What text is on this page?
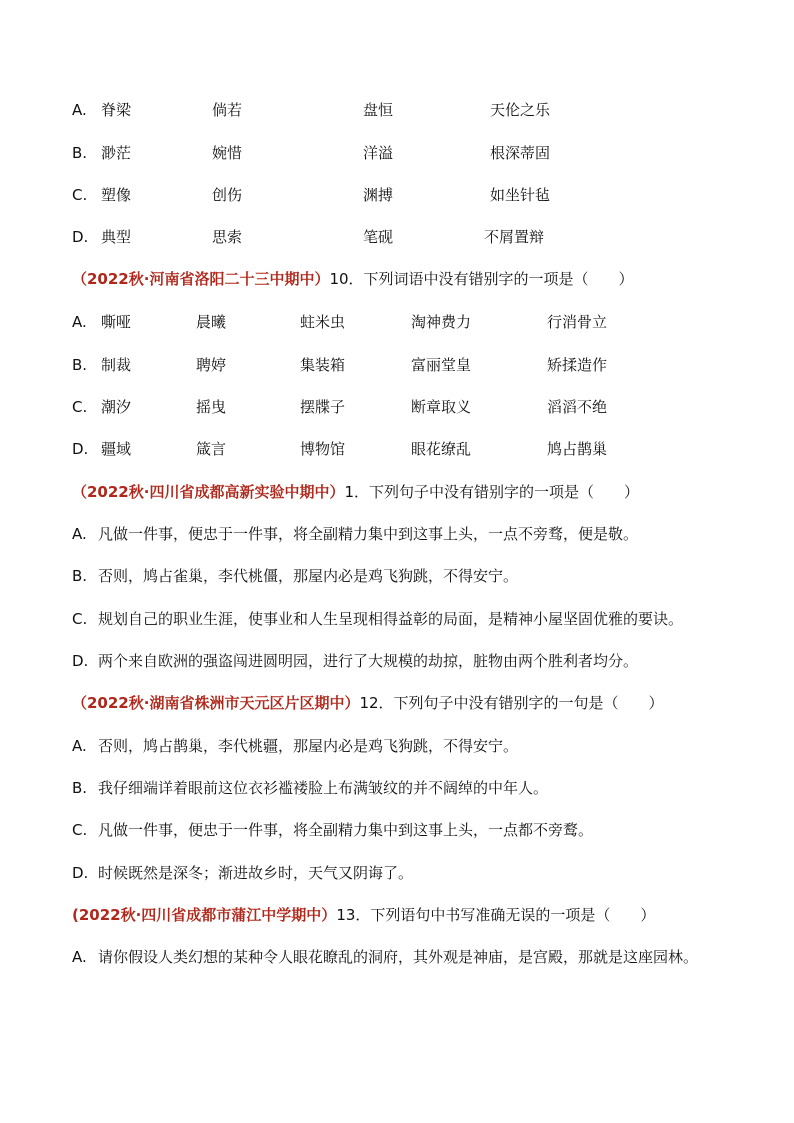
A. 脊梁	倘若	盘恒	天伦之乐
B. 渺茫	婉惜	洋溢	根深蒂固
C. 塑像	创伤	渊搏	如坐针毡
D. 典型	思索	笔砚	不屑置辩
（2022秋·河南省洛阳二十三中期中）10．下列词语中没有错别字的一项是（　　）
A. 嘶哑	晨曦	蛀米虫	淘神费力	行消骨立
B. 制裁	聘婷	集装箱	富丽堂皇	矫揉造作
C. 潮汐	摇曳	摆牒子	断章取义	滔滔不绝
D. 疆域	箴言	博物馆	眼花缭乱	鸠占鹊巢
（2022秋·四川省成都高新实验中期中）1．下列句子中没有错别字的一项是（　　）
A. 凡做一件事，便忠于一件事，将全副精力集中到这事上头，一点不旁骛，便是敬。
B. 否则，鸠占雀巢，李代桃僵，那屋内必是鸡飞狗跳，不得安宁。
C. 规划自己的职业生涯，使事业和人生呈现相得益彰的局面，是精神小屋坚固优雅的要诀。
D. 两个来自欧洲的强盗闯进圆明园，进行了大规模的劫掠，脏物由两个胜利者均分。
（2022秋·湖南省株洲市天元区片区期中）12．下列句子中没有错别字的一句是（　　）
A. 否则，鸠占鹊巢，李代桃疆，那屋内必是鸡飞狗跳，不得安宁。
B. 我仔细端详着眼前这位衣衫褴褛脸上布满皱纹的并不阔绰的中年人。
C. 凡做一件事，便忠于一件事，将全副精力集中到这事上头，一点都不旁鹜。
D. 时候既然是深冬；渐进故乡时，天气又阴诲了。
(2022秋·四川省成都市蒲江中学期中）13．下列语句中书写准确无误的一项是（　　）
A. 请你假设人类幻想的某种令人眼花瞭乱的洞府，其外观是神庙，是宫殿，那就是这座园林。
